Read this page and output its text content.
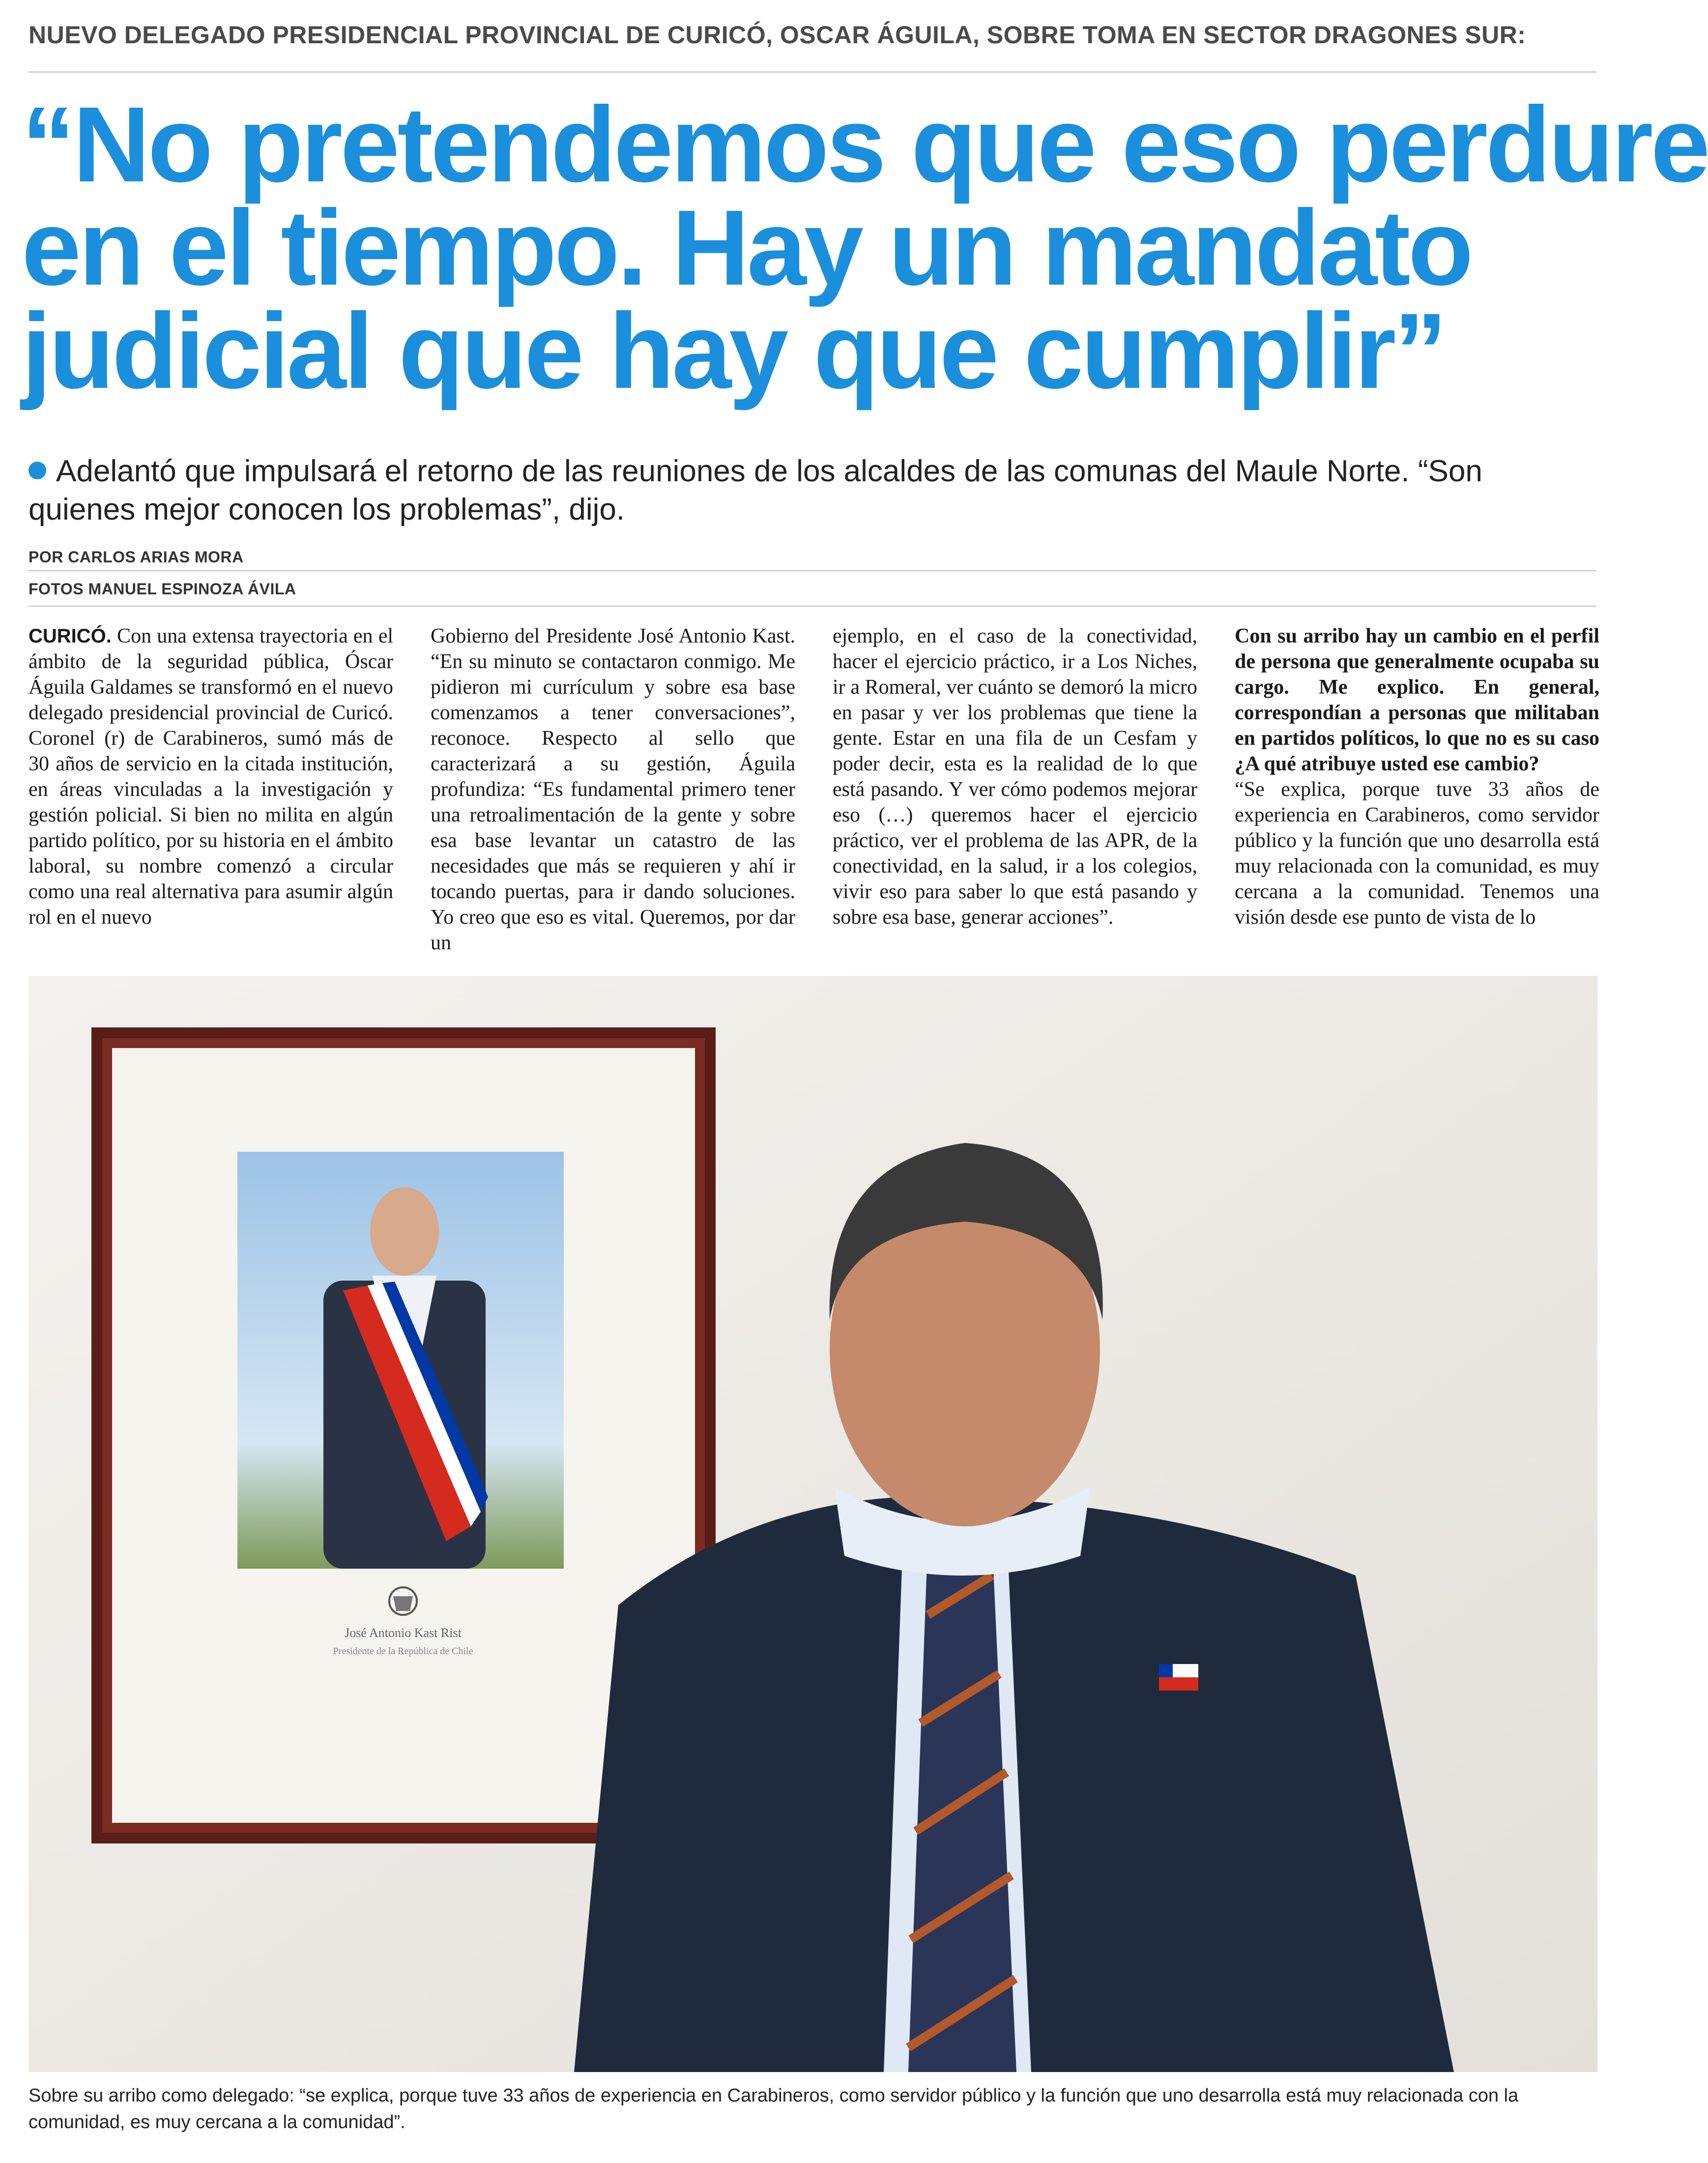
NUEVO DELEGADO PRESIDENCIAL PROVINCIAL DE CURICÓ, OSCAR ÁGUILA, SOBRE TOMA EN SECTOR DRAGONES SUR:
“No pretendemos que eso perdure
en el tiempo. Hay un mandato
judicial que hay que cumplir”
Adelantó que impulsará el retorno de las reuniones de los alcaldes de las comunas del Maule Norte. “Son quienes mejor conocen los problemas”, dijo.
POR CARLOS ARIAS MORA
FOTOS MANUEL ESPINOZA ÁVILA
CURICÓ. Con una extensa trayectoria en el ámbito de la seguridad pública, Óscar Águila Galdames se transformó en el nuevo delegado presidencial provincial de Curicó. Coronel (r) de Carabineros, sumó más de 30 años de servicio en la citada institución, en áreas vinculadas a la investigación y gestión policial. Si bien no milita en algún partido político, por su historia en el ámbito laboral, su nombre comenzó a circular como una real alternativa para asumir algún rol en el nuevo
Gobierno del Presidente José Antonio Kast. “En su minuto se contactaron conmigo. Me pidieron mi currículum y sobre esa base comenzamos a tener conversaciones”, reconoce. Respecto al sello que caracterizará a su gestión, Águila profundiza: “Es fundamental primero tener una retroalimentación de la gente y sobre esa base levantar un catastro de las necesidades que más se requieren y ahí ir tocando puertas, para ir dando soluciones. Yo creo que eso es vital. Queremos, por dar un
ejemplo, en el caso de la conectividad, hacer el ejercicio práctico, ir a Los Niches, ir a Romeral, ver cuánto se demoró la micro en pasar y ver los problemas que tiene la gente. Estar en una fila de un Cesfam y poder decir, esta es la realidad de lo que está pasando. Y ver cómo podemos mejorar eso (…) queremos hacer el ejercicio práctico, ver el problema de las APR, de la conectividad, en la salud, ir a los colegios, vivir eso para saber lo que está pasando y sobre esa base, generar acciones”.
Con su arribo hay un cambio en el perfil de persona que generalmente ocupaba su cargo. Me explico. En general, correspondían a personas que militaban en partidos políticos, lo que no es su caso ¿A qué atribuye usted ese cambio?
“Se explica, porque tuve 33 años de experiencia en Carabineros, como servidor público y la función que uno desarrolla está muy relacionada con la comunidad, es muy cercana a la comunidad. Tenemos una visión desde ese punto de vista de lo
José Antonio Kast Rist
Presidente de la República de Chile
Sobre su arribo como delegado: “se explica, porque tuve 33 años de experiencia en Carabineros, como servidor público y la función que uno desarrolla está muy relacionada con la comunidad, es muy cercana a la comunidad”.
